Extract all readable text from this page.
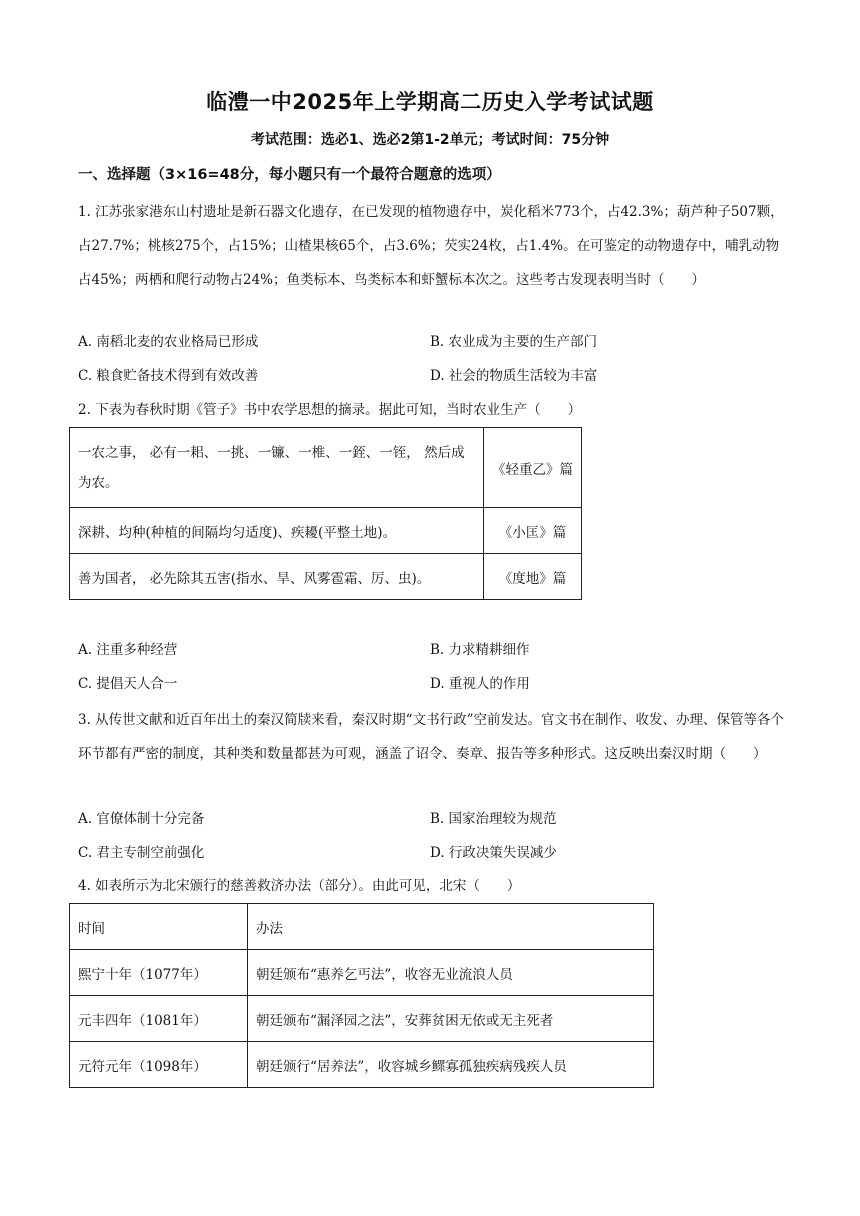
临澧一中2025年上学期高二历史入学考试试题
考试范围：选必1、选必2第1-2单元；考试时间：75分钟
一、选择题（3×16=48分，每小题只有一个最符合题意的选项）
1. 江苏张家港东山村遗址是新石器文化遗存，在已发现的植物遗存中，炭化稻米773个，占42.3%；葫芦种子507颗，占27.7%；桃核275个，占15%；山楂果核65个，占3.6%；芡实24枚，占1.4%。在可鉴定的动物遗存中，哺乳动物占45%；两栖和爬行动物占24%；鱼类标本、鸟类标本和虾蟹标本次之。这些考古发现表明当时（　　）
A. 南稻北麦的农业格局已形成	B. 农业成为主要的生产部门
C. 粮食贮备技术得到有效改善	D. 社会的物质生活较为丰富
2. 下表为春秋时期《管子》书中农学思想的摘录。据此可知，当时农业生产（　　）
一农之事， 必有一耜、一挑、一镰、一椎、一銍、一铚， 然后成为农。	《轻重乙》篇
深耕、均种(种植的间隔均匀适度)、疾耰(平整土地)。	《小匡》篇
善为国者， 必先除其五害(指水、旱、风雾雹霜、厉、虫)。	《度地》篇
A. 注重多种经营	B. 力求精耕细作
C. 提倡天人合一	D. 重视人的作用
3. 从传世文献和近百年出土的秦汉简牍来看，秦汉时期“文书行政”空前发达。官文书在制作、收发、办理、保管等各个环节都有严密的制度，其种类和数量都甚为可观，涵盖了诏令、奏章、报告等多种形式。这反映出秦汉时期（　　）
A. 官僚体制十分完备	B. 国家治理较为规范
C. 君主专制空前强化	D. 行政决策失误减少
4. 如表所示为北宋颁行的慈善救济办法（部分）。由此可见，北宋（　　）
时间	办法
熙宁十年（1077年）	朝廷颁布“惠养乞丐法”，收容无业流浪人员
元丰四年（1081年）	朝廷颁布“漏泽园之法”，安葬贫困无依或无主死者
元符元年（1098年）	朝廷颁行“居养法”，收容城乡鳏寡孤独疾病残疾人员
